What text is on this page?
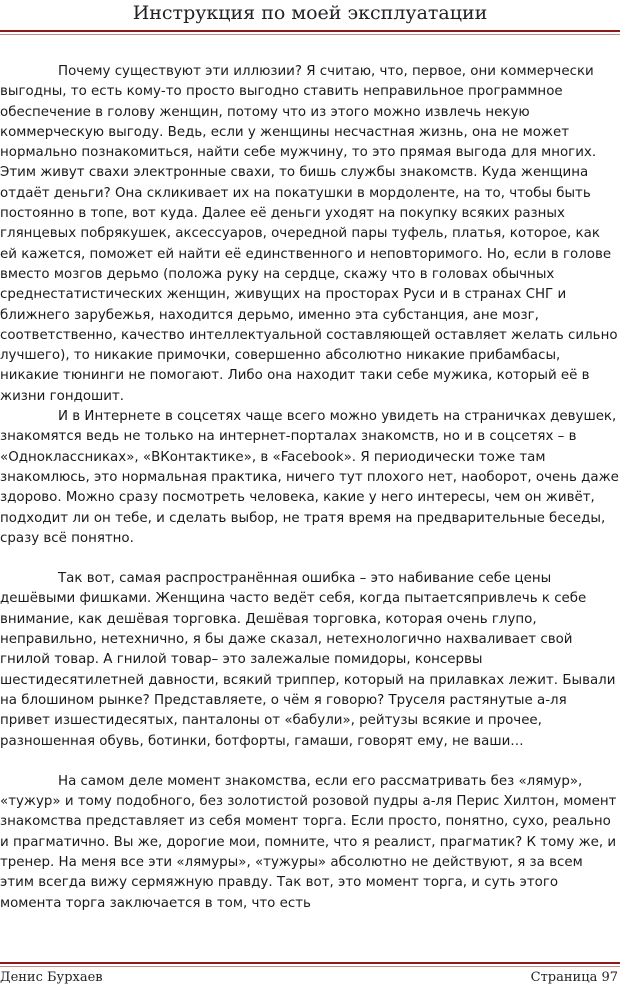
Инструкция по моей эксплуатации

Почему существуют эти иллюзии? Я считаю, что, первое, они коммерчески выгодны, то есть кому-то просто выгодно ставить неправильное программное обеспечение в голову женщин, потому что из этого можно извлечь некую коммерческую выгоду. Ведь, если у женщины несчастная жизнь, она не может нормально познакомиться, найти себе мужчину, то это прямая выгода для многих. Этим живут свахи электронные свахи, то бишь службы знакомств. Куда женщина отдаёт деньги? Она скликивает их на покатушки в мордоленте, на то, чтобы быть постоянно в топе, вот куда. Далее её деньги уходят на покупку всяких разных глянцевых побрякушек, аксессуаров, очередной пары туфель, платья, которое, как ей кажется, поможет ей найти её единственного и неповторимого. Но, если в голове вместо мозгов дерьмо (положа руку на сердце, скажу что в головах обычных среднестатистических женщин, живущих на просторах Руси и в странах СНГ и ближнего зарубежья, находится дерьмо, именно эта субстанция, ане мозг, соответственно, качество интеллектуальной составляющей оставляет желать сильно лучшего), то никакие примочки, совершенно абсолютно никакие прибамбасы, никакие тюнинги не помогают. Либо она находит таки себе мужика, который её в жизни гондошит.

И в Интернете в соцсетях чаще всего можно увидеть на страничках девушек, знакомятся ведь не только на интернет-порталах знакомств, но и в соцсетях – в «Одноклассниках», «ВКонтактике», в «Facebook». Я периодически тоже там знакомлюсь, это нормальная практика, ничего тут плохого нет, наоборот, очень даже здорово. Можно сразу посмотреть человека, какие у него интересы, чем он живёт, подходит ли он тебе, и сделать выбор, не тратя время на предварительные беседы, сразу всё понятно.

Так вот, самая распространённая ошибка – это набивание себе цены дешёвыми фишками. Женщина часто ведёт себя, когда пытаетсяпривлечь к себе внимание, как дешёвая торговка. Дешёвая торговка, которая очень глупо, неправильно, нетехнично, я бы даже сказал, нетехнологично нахваливает свой гнилой товар. А гнилой товар– это залежалые помидоры, консервы шестидесятилетней давности, всякий триппер, который на прилавках лежит. Бывали на блошином рынке? Представляете, о чём я говорю? Труселя растянутые а-ля привет изшестидесятых, панталоны от «бабули», рейтузы всякие и прочее, разношенная обувь, ботинки, ботфорты, гамаши, говорят ему, не ваши…

На самом деле момент знакомства, если его рассматривать без «лямур», «тужур» и тому подобного, без золотистой розовой пудры а-ля Перис Хилтон, момент знакомства представляет из себя момент торга. Если просто, понятно, сухо, реально и прагматично. Вы же, дорогие мои, помните, что я реалист, прагматик? К тому же, и тренер. На меня все эти «лямуры», «тужуры» абсолютно не действуют, я за всем этим всегда вижу сермяжную правду. Так вот, это момент торга, и суть этого момента торга заключается в том, что есть

Денис Бурхаев	Страница 97
